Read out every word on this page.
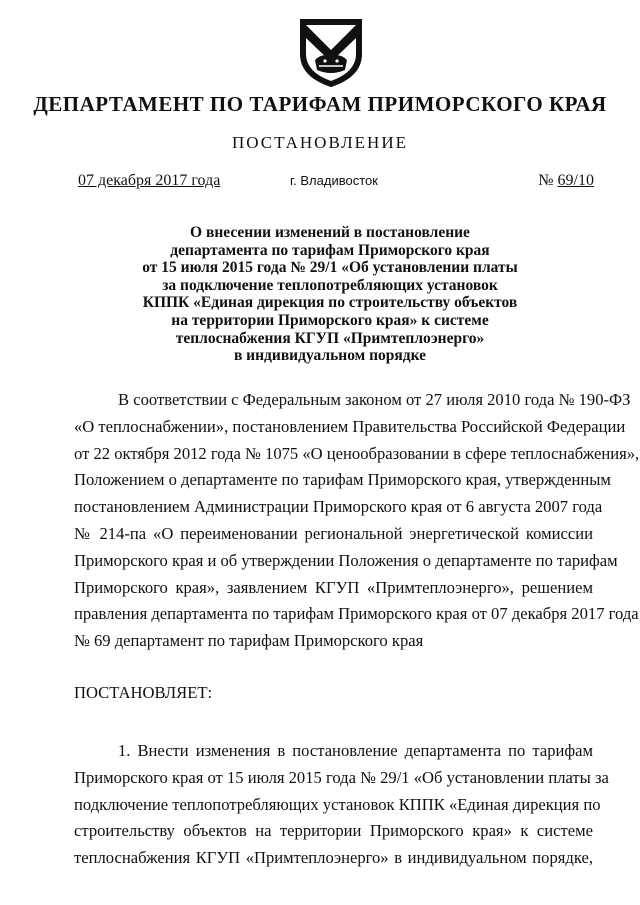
ДЕПАРТАМЕНТ ПО ТАРИФАМ ПРИМОРСКОГО КРАЯ
ПОСТАНОВЛЕНИЕ
07 декабря 2017 года	г. Владивосток	№ 69/10
О внесении изменений в постановление
департамента по тарифам Приморского края
от 15 июля 2015 года № 29/1 «Об установлении платы
за подключение теплопотребляющих установок
КППК «Единая дирекция по строительству объектов
на территории Приморского края» к системе
теплоснабжения КГУП «Примтеплоэнерго»
в индивидуальном порядке
В соответствии с Федеральным законом от 27 июля 2010 года № 190-ФЗ
«О теплоснабжении», постановлением Правительства Российской Федерации
от 22 октября 2012 года № 1075 «О ценообразовании в сфере теплоснабжения»,
Положением о департаменте по тарифам Приморского края, утвержденным
постановлением Администрации Приморского края от 6 августа 2007 года
№ 214-па «О переименовании региональной энергетической комиссии
Приморского края и об утверждении Положения о департаменте по тарифам
Приморского края», заявлением КГУП «Примтеплоэнерго», решением
правления департамента по тарифам Приморского края от 07 декабря 2017 года
№ 69 департамент по тарифам Приморского края
ПОСТАНОВЛЯЕТ:
1. Внести изменения в постановление департамента по тарифам
Приморского края от 15 июля 2015 года № 29/1 «Об установлении платы за
подключение теплопотребляющих установок КППК «Единая дирекция по
строительству объектов на территории Приморского края» к системе
теплоснабжения КГУП «Примтеплоэнерго» в индивидуальном порядке,
